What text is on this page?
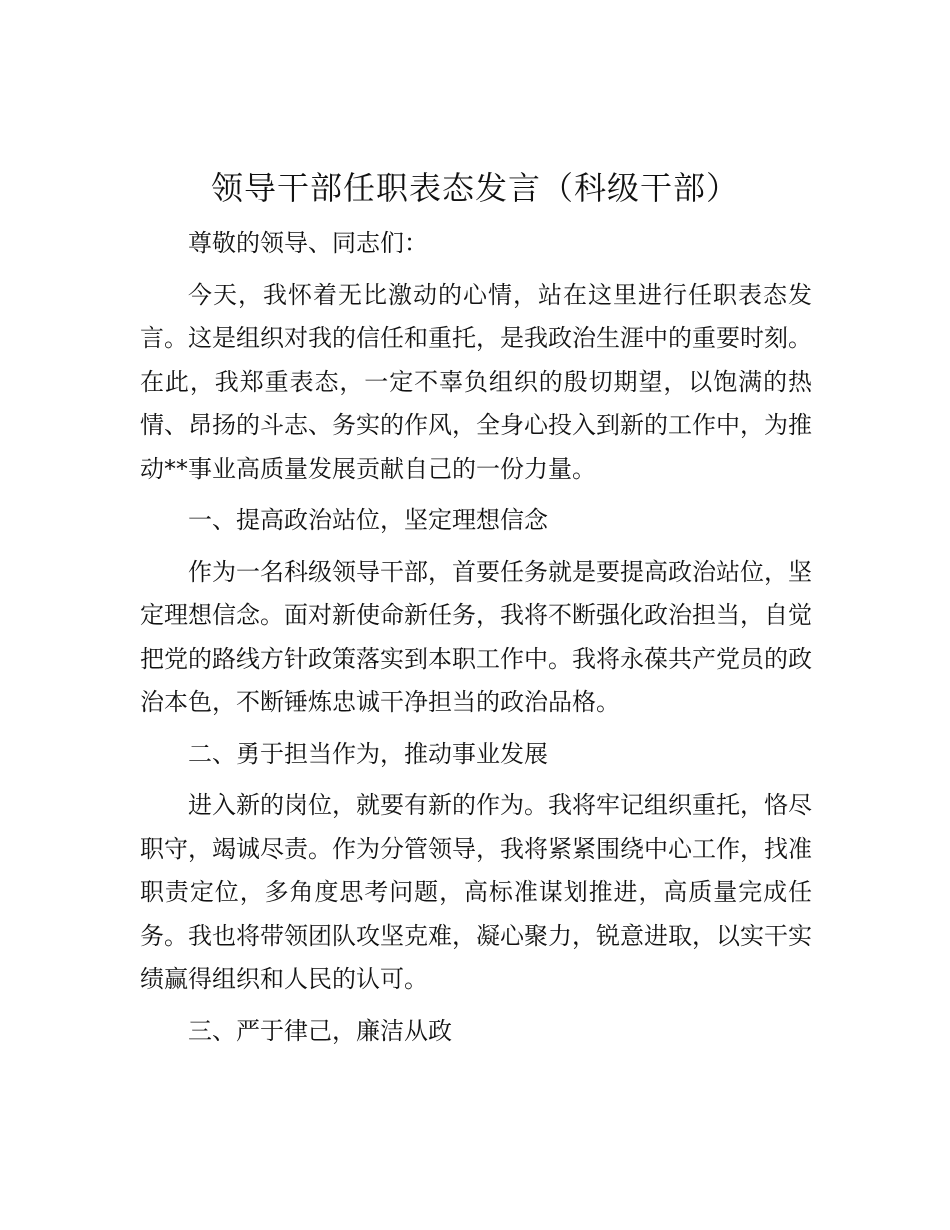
领导干部任职表态发言（科级干部）

尊敬的领导、同志们：

今天，我怀着无比激动的心情，站在这里进行任职表态发言。这是组织对我的信任和重托，是我政治生涯中的重要时刻。在此，我郑重表态，一定不辜负组织的殷切期望，以饱满的热情、昂扬的斗志、务实的作风，全身心投入到新的工作中，为推动**事业高质量发展贡献自己的一份力量。

一、提高政治站位，坚定理想信念

作为一名科级领导干部，首要任务就是要提高政治站位，坚定理想信念。面对新使命新任务，我将不断强化政治担当，自觉把党的路线方针政策落实到本职工作中。我将永葆共产党员的政治本色，不断锤炼忠诚干净担当的政治品格。

二、勇于担当作为，推动事业发展

进入新的岗位，就要有新的作为。我将牢记组织重托，恪尽职守，竭诚尽责。作为分管领导，我将紧紧围绕中心工作，找准职责定位，多角度思考问题，高标准谋划推进，高质量完成任务。我也将带领团队攻坚克难，凝心聚力，锐意进取，以实干实绩赢得组织和人民的认可。

三、严于律己，廉洁从政
